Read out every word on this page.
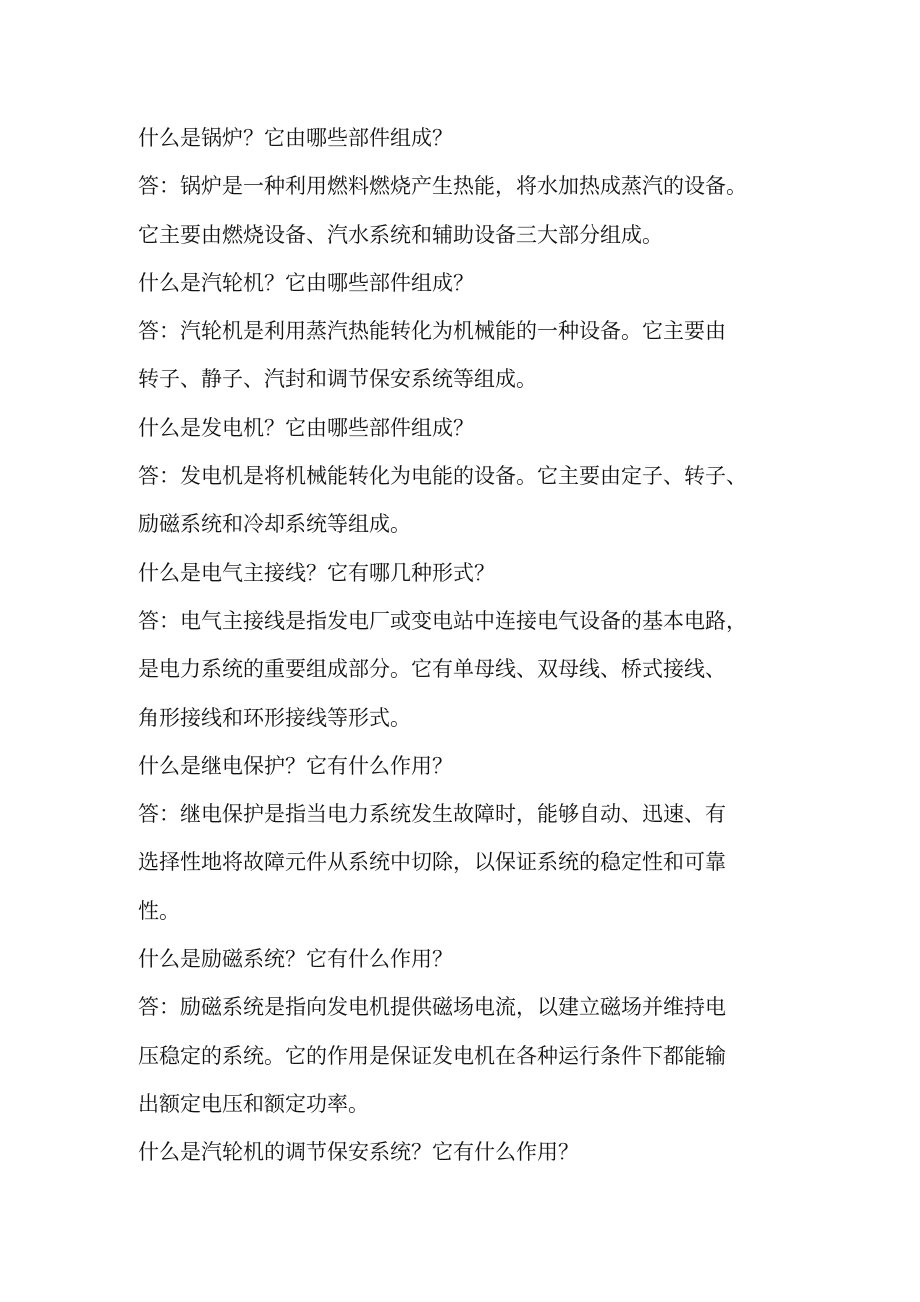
什么是锅炉？它由哪些部件组成？

答：锅炉是一种利用燃料燃烧产生热能，将水加热成蒸汽的设备。

它主要由燃烧设备、汽水系统和辅助设备三大部分组成。

什么是汽轮机？它由哪些部件组成？

答：汽轮机是利用蒸汽热能转化为机械能的一种设备。它主要由

转子、静子、汽封和调节保安系统等组成。

什么是发电机？它由哪些部件组成？

答：发电机是将机械能转化为电能的设备。它主要由定子、转子、

励磁系统和冷却系统等组成。

什么是电气主接线？它有哪几种形式？

答：电气主接线是指发电厂或变电站中连接电气设备的基本电路，

是电力系统的重要组成部分。它有单母线、双母线、桥式接线、

角形接线和环形接线等形式。

什么是继电保护？它有什么作用？

答：继电保护是指当电力系统发生故障时，能够自动、迅速、有

选择性地将故障元件从系统中切除，以保证系统的稳定性和可靠

性。

什么是励磁系统？它有什么作用？

答：励磁系统是指向发电机提供磁场电流，以建立磁场并维持电

压稳定的系统。它的作用是保证发电机在各种运行条件下都能输

出额定电压和额定功率。

什么是汽轮机的调节保安系统？它有什么作用？
